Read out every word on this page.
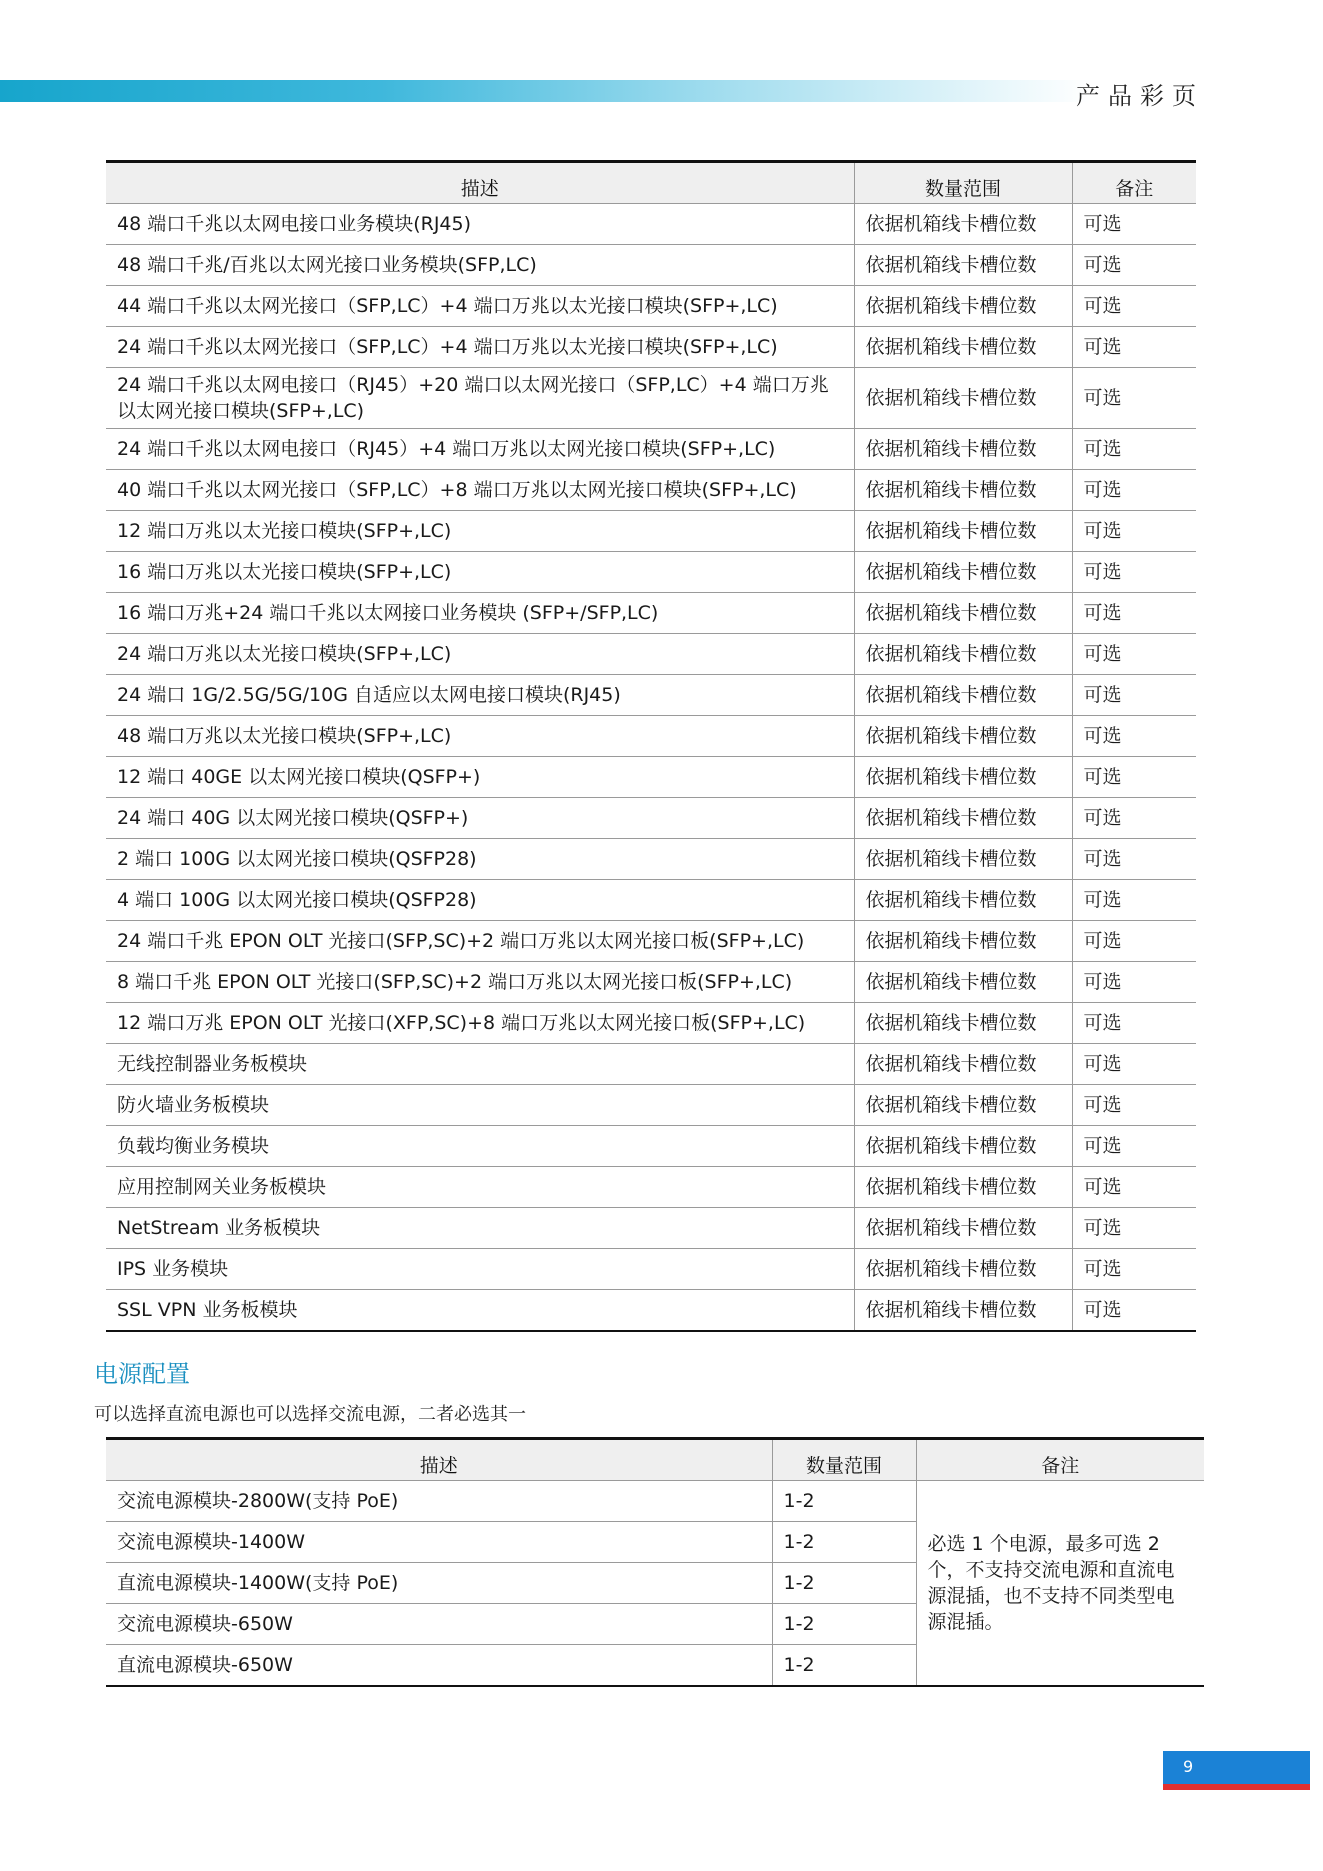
产品彩页
描述	数量范围	备注
48 端口千兆以太网电接口业务模块(RJ45)	依据机箱线卡槽位数	可选
48 端口千兆/百兆以太网光接口业务模块(SFP,LC)	依据机箱线卡槽位数	可选
44 端口千兆以太网光接口（SFP,LC）+4 端口万兆以太光接口模块(SFP+,LC)	依据机箱线卡槽位数	可选
24 端口千兆以太网光接口（SFP,LC）+4 端口万兆以太光接口模块(SFP+,LC)	依据机箱线卡槽位数	可选
24 端口千兆以太网电接口（RJ45）+20 端口以太网光接口（SFP,LC）+4 端口万兆以太网光接口模块(SFP+,LC)	依据机箱线卡槽位数	可选
24 端口千兆以太网电接口（RJ45）+4 端口万兆以太网光接口模块(SFP+,LC)	依据机箱线卡槽位数	可选
40 端口千兆以太网光接口（SFP,LC）+8 端口万兆以太网光接口模块(SFP+,LC)	依据机箱线卡槽位数	可选
12 端口万兆以太光接口模块(SFP+,LC)	依据机箱线卡槽位数	可选
16 端口万兆以太光接口模块(SFP+,LC)	依据机箱线卡槽位数	可选
16 端口万兆+24 端口千兆以太网接口业务模块 (SFP+/SFP,LC)	依据机箱线卡槽位数	可选
24 端口万兆以太光接口模块(SFP+,LC)	依据机箱线卡槽位数	可选
24 端口 1G/2.5G/5G/10G 自适应以太网电接口模块(RJ45)	依据机箱线卡槽位数	可选
48 端口万兆以太光接口模块(SFP+,LC)	依据机箱线卡槽位数	可选
12 端口 40GE 以太网光接口模块(QSFP+)	依据机箱线卡槽位数	可选
24 端口 40G 以太网光接口模块(QSFP+)	依据机箱线卡槽位数	可选
2 端口 100G 以太网光接口模块(QSFP28)	依据机箱线卡槽位数	可选
4 端口 100G 以太网光接口模块(QSFP28)	依据机箱线卡槽位数	可选
24 端口千兆 EPON OLT 光接口(SFP,SC)+2 端口万兆以太网光接口板(SFP+,LC)	依据机箱线卡槽位数	可选
8 端口千兆 EPON OLT 光接口(SFP,SC)+2 端口万兆以太网光接口板(SFP+,LC)	依据机箱线卡槽位数	可选
12 端口万兆 EPON OLT 光接口(XFP,SC)+8 端口万兆以太网光接口板(SFP+,LC)	依据机箱线卡槽位数	可选
无线控制器业务板模块	依据机箱线卡槽位数	可选
防火墙业务板模块	依据机箱线卡槽位数	可选
负载均衡业务模块	依据机箱线卡槽位数	可选
应用控制网关业务板模块	依据机箱线卡槽位数	可选
NetStream 业务板模块	依据机箱线卡槽位数	可选
IPS 业务模块	依据机箱线卡槽位数	可选
SSL VPN 业务板模块	依据机箱线卡槽位数	可选
电源配置
可以选择直流电源也可以选择交流电源，二者必选其一
描述	数量范围	备注
交流电源模块-2800W(支持 PoE)	1-2	必选 1 个电源，最多可选 2 个，不支持交流电源和直流电源混插，也不支持不同类型电源混插。
交流电源模块-1400W	1-2	
直流电源模块-1400W(支持 PoE)	1-2	
交流电源模块-650W	1-2	
直流电源模块-650W	1-2	
9
